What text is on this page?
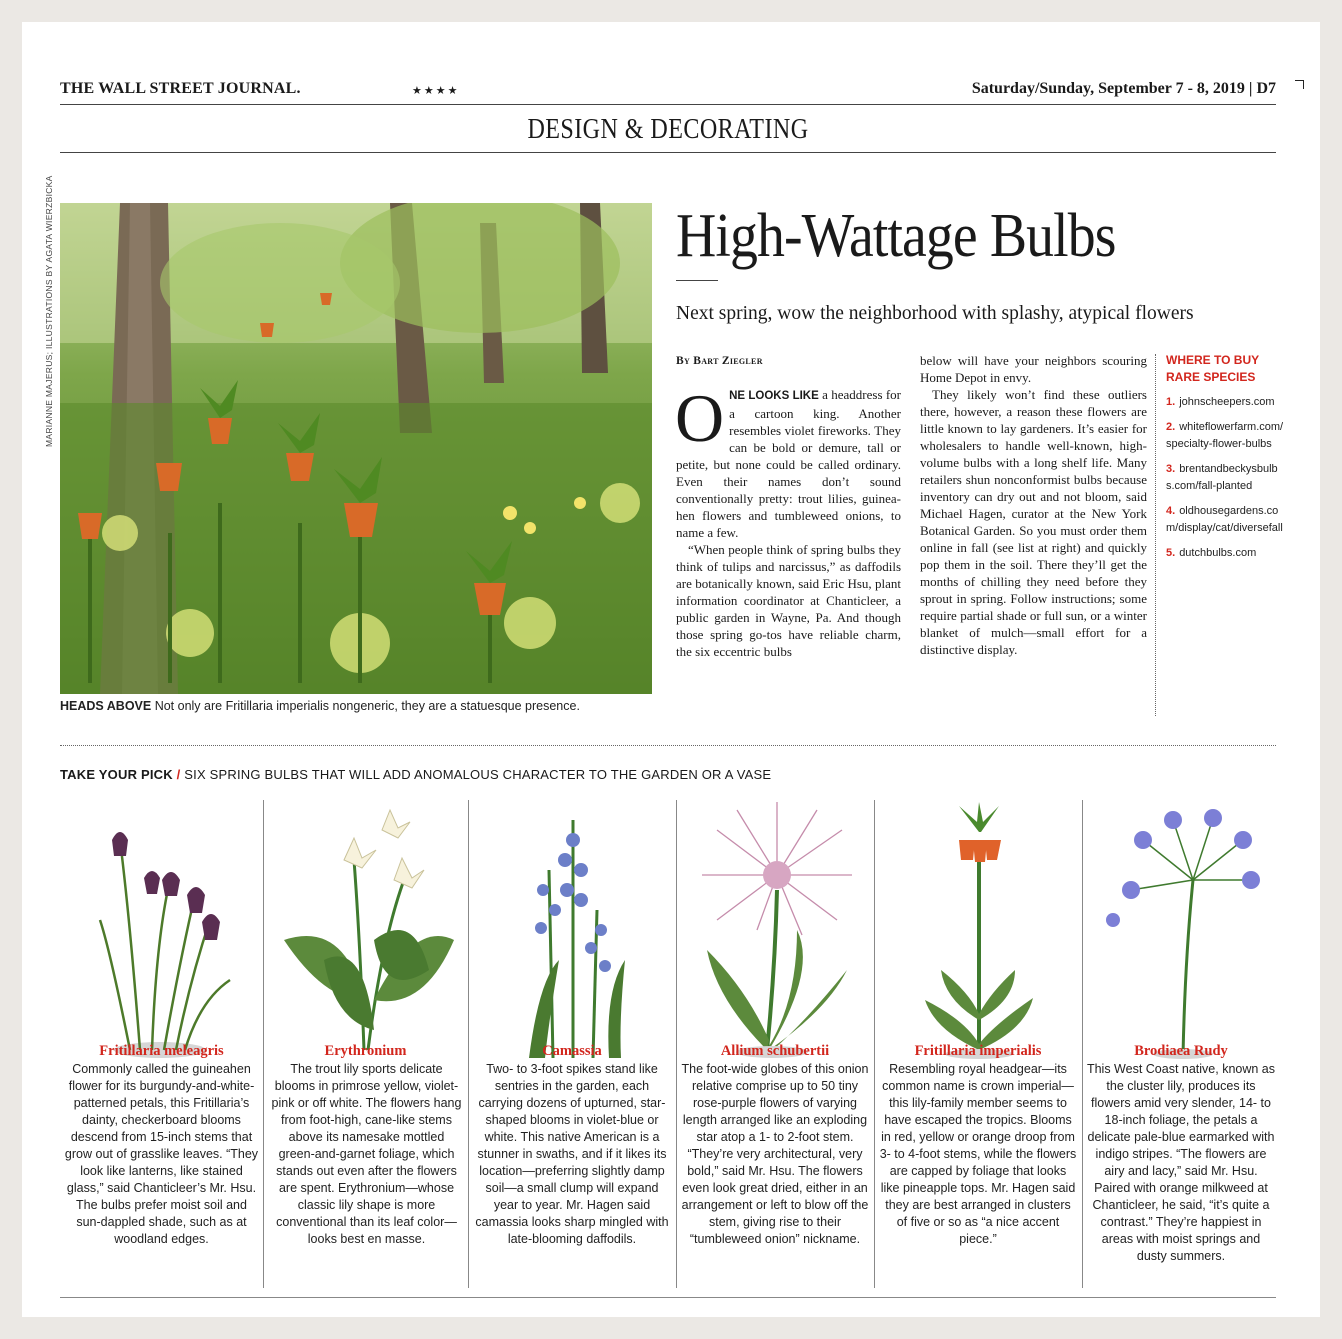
THE WALL STREET JOURNAL.	★★★★	Saturday/Sunday, September 7 - 8, 2019 | D7
DESIGN & DECORATING
MARIANNE MAJERUS; ILLUSTRATIONS BY AGATA WIERZBICKA
HEADS ABOVE Not only are Fritillaria imperialis nongeneric, they are a statuesque presence.
High-Wattage Bulbs
Next spring, wow the neighborhood with splashy, atypical flowers
By Bart Ziegler
O NE LOOKS LIKE a headdress for a cartoon king. Another resembles violet fireworks. They can be bold or demure, tall or petite, but none could be called ordinary. Even their names don’t sound conventionally pretty: trout lilies, guinea-hen flowers and tumbleweed onions, to name a few.

“When people think of spring bulbs they think of tulips and narcissus,” as daffodils are botanically known, said Eric Hsu, plant information coordinator at Chanticleer, a public garden in Wayne, Pa. And though those spring go-tos have reliable charm, the six eccentric bulbs

below will have your neighbors scouring Home Depot in envy.

They likely won’t find these outliers there, however, a reason these flowers are little known to lay gardeners. It’s easier for wholesalers to handle well-known, high-volume bulbs with a long shelf life. Many retailers shun nonconformist bulbs because inventory can dry out and not bloom, said Michael Hagen, curator at the New York Botanical Garden. So you must order them online in fall (see list at right) and quickly pop them in the soil. There they’ll get the months of chilling they need before they sprout in spring. Follow instructions; some require partial shade or full sun, or a winter blanket of mulch—small effort for a distinctive display.

WHERE TO BUY RARE SPECIES
1. johnscheepers.com
2. whiteflowerfarm.com/specialty-flower-bulbs
3. brentandbeckysbulbs.com/fall-planted
4. oldhousegardens.com/display/cat/diversefall
5. dutchbulbs.com
TAKE YOUR PICK / SIX SPRING BULBS THAT WILL ADD ANOMALOUS CHARACTER TO THE GARDEN OR A VASE
Fritillaria meleagris
Commonly called the guineahen flower for its burgundy-and-white-patterned petals, this Fritillaria’s dainty, checkerboard blooms descend from 15-inch stems that grow out of grasslike leaves. “They look like lanterns, like stained glass,” said Chanticleer’s Mr. Hsu. The bulbs prefer moist soil and sun-dappled shade, such as at woodland edges.
Erythronium
The trout lily sports delicate blooms in primrose yellow, violet-pink or off white. The flowers hang from foot-high, cane-like stems above its namesake mottled green-and-garnet foliage, which stands out even after the flowers are spent. Erythronium—whose classic lily shape is more conventional than its leaf color—looks best en masse.
Camassia
Two- to 3-foot spikes stand like sentries in the garden, each carrying dozens of upturned, star-shaped blooms in violet-blue or white. This native American is a stunner in swaths, and if it likes its location—preferring slightly damp soil—a small clump will expand year to year. Mr. Hagen said camassia looks sharp mingled with late-blooming daffodils.
Allium schubertii
The foot-wide globes of this onion relative comprise up to 50 tiny rose-purple flowers of varying length arranged like an exploding star atop a 1- to 2-foot stem. “They’re very architectural, very bold,” said Mr. Hsu. The flowers even look great dried, either in an arrangement or left to blow off the stem, giving rise to their “tumbleweed onion” nickname.
Fritillaria imperialis
Resembling royal headgear—its common name is crown imperial—this lily-family member seems to have escaped the tropics. Blooms in red, yellow or orange droop from 3- to 4-foot stems, while the flowers are capped by foliage that looks like pineapple tops. Mr. Hagen said they are best arranged in clusters of five or so as “a nice accent piece.”
Brodiaea Rudy
This West Coast native, known as the cluster lily, produces its flowers amid very slender, 14- to 18-inch foliage, the petals a delicate pale-blue earmarked with indigo stripes. “The flowers are airy and lacy,” said Mr. Hsu. Paired with orange milkweed at Chanticleer, he said, “it’s quite a contrast.” They’re happiest in areas with moist springs and dusty summers.
